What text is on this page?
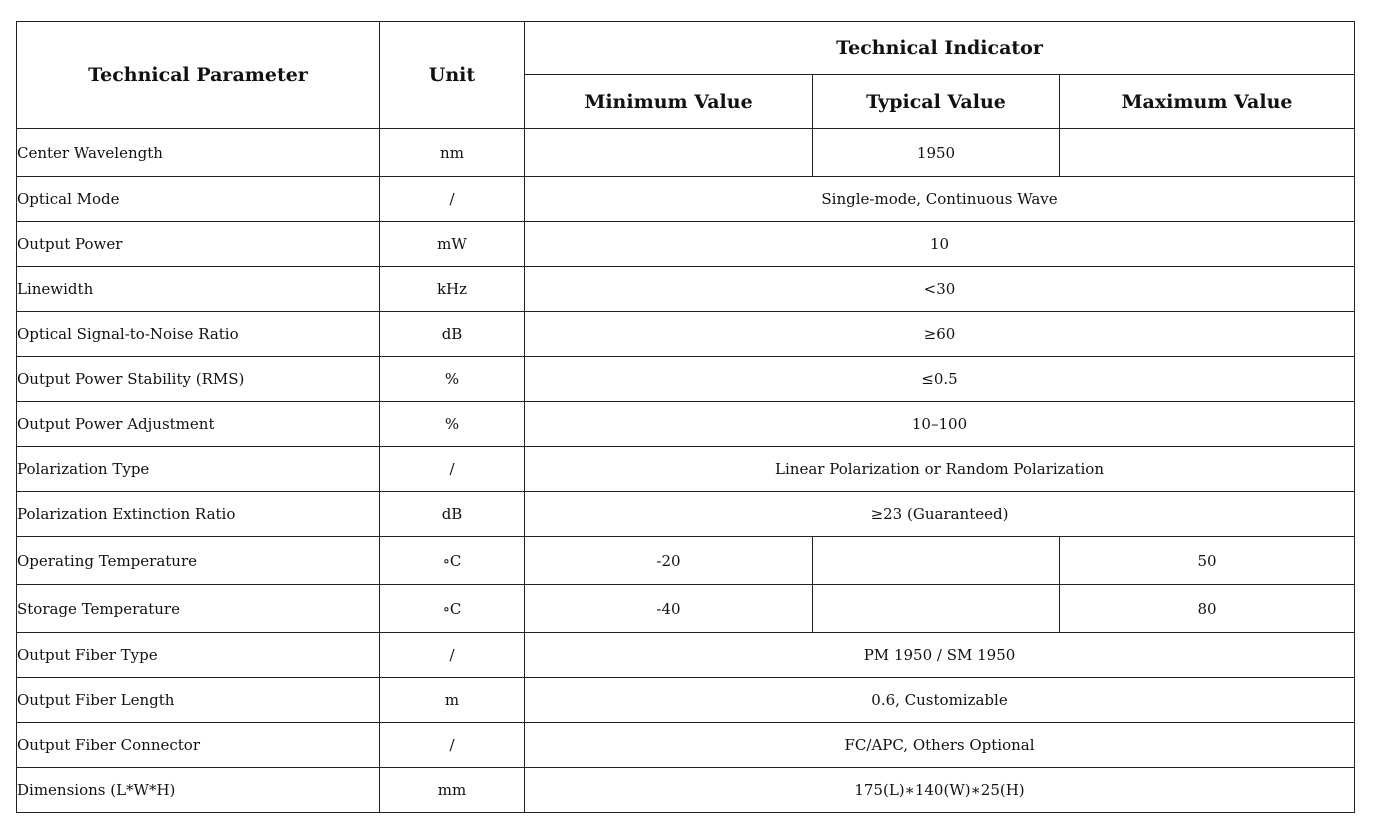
Technical Parameter	Unit	Technical Indicator		
		Minimum Value	Typical Value	Maximum Value
Center Wavelength	nm		1950	
Optical Mode	/	Single-mode, Continuous Wave		
Output Power	mW	10		
Linewidth	kHz	<30		
Optical Signal-to-Noise Ratio	dB	≥60		
Output Power Stability (RMS)	%	≤0.5		
Output Power Adjustment	%	10–100		
Polarization Type	/	Linear Polarization or Random Polarization		
Polarization Extinction Ratio	dB	≥23 (Guaranteed)		
Operating Temperature	∘C	-20		50
Storage Temperature	∘C	-40		80
Output Fiber Type	/	PM 1950 / SM 1950		
Output Fiber Length	m	0.6, Customizable		
Output Fiber Connector	/	FC/APC, Others Optional		
Dimensions (L*W*H)	mm	175(L)∗140(W)∗25(H)		
